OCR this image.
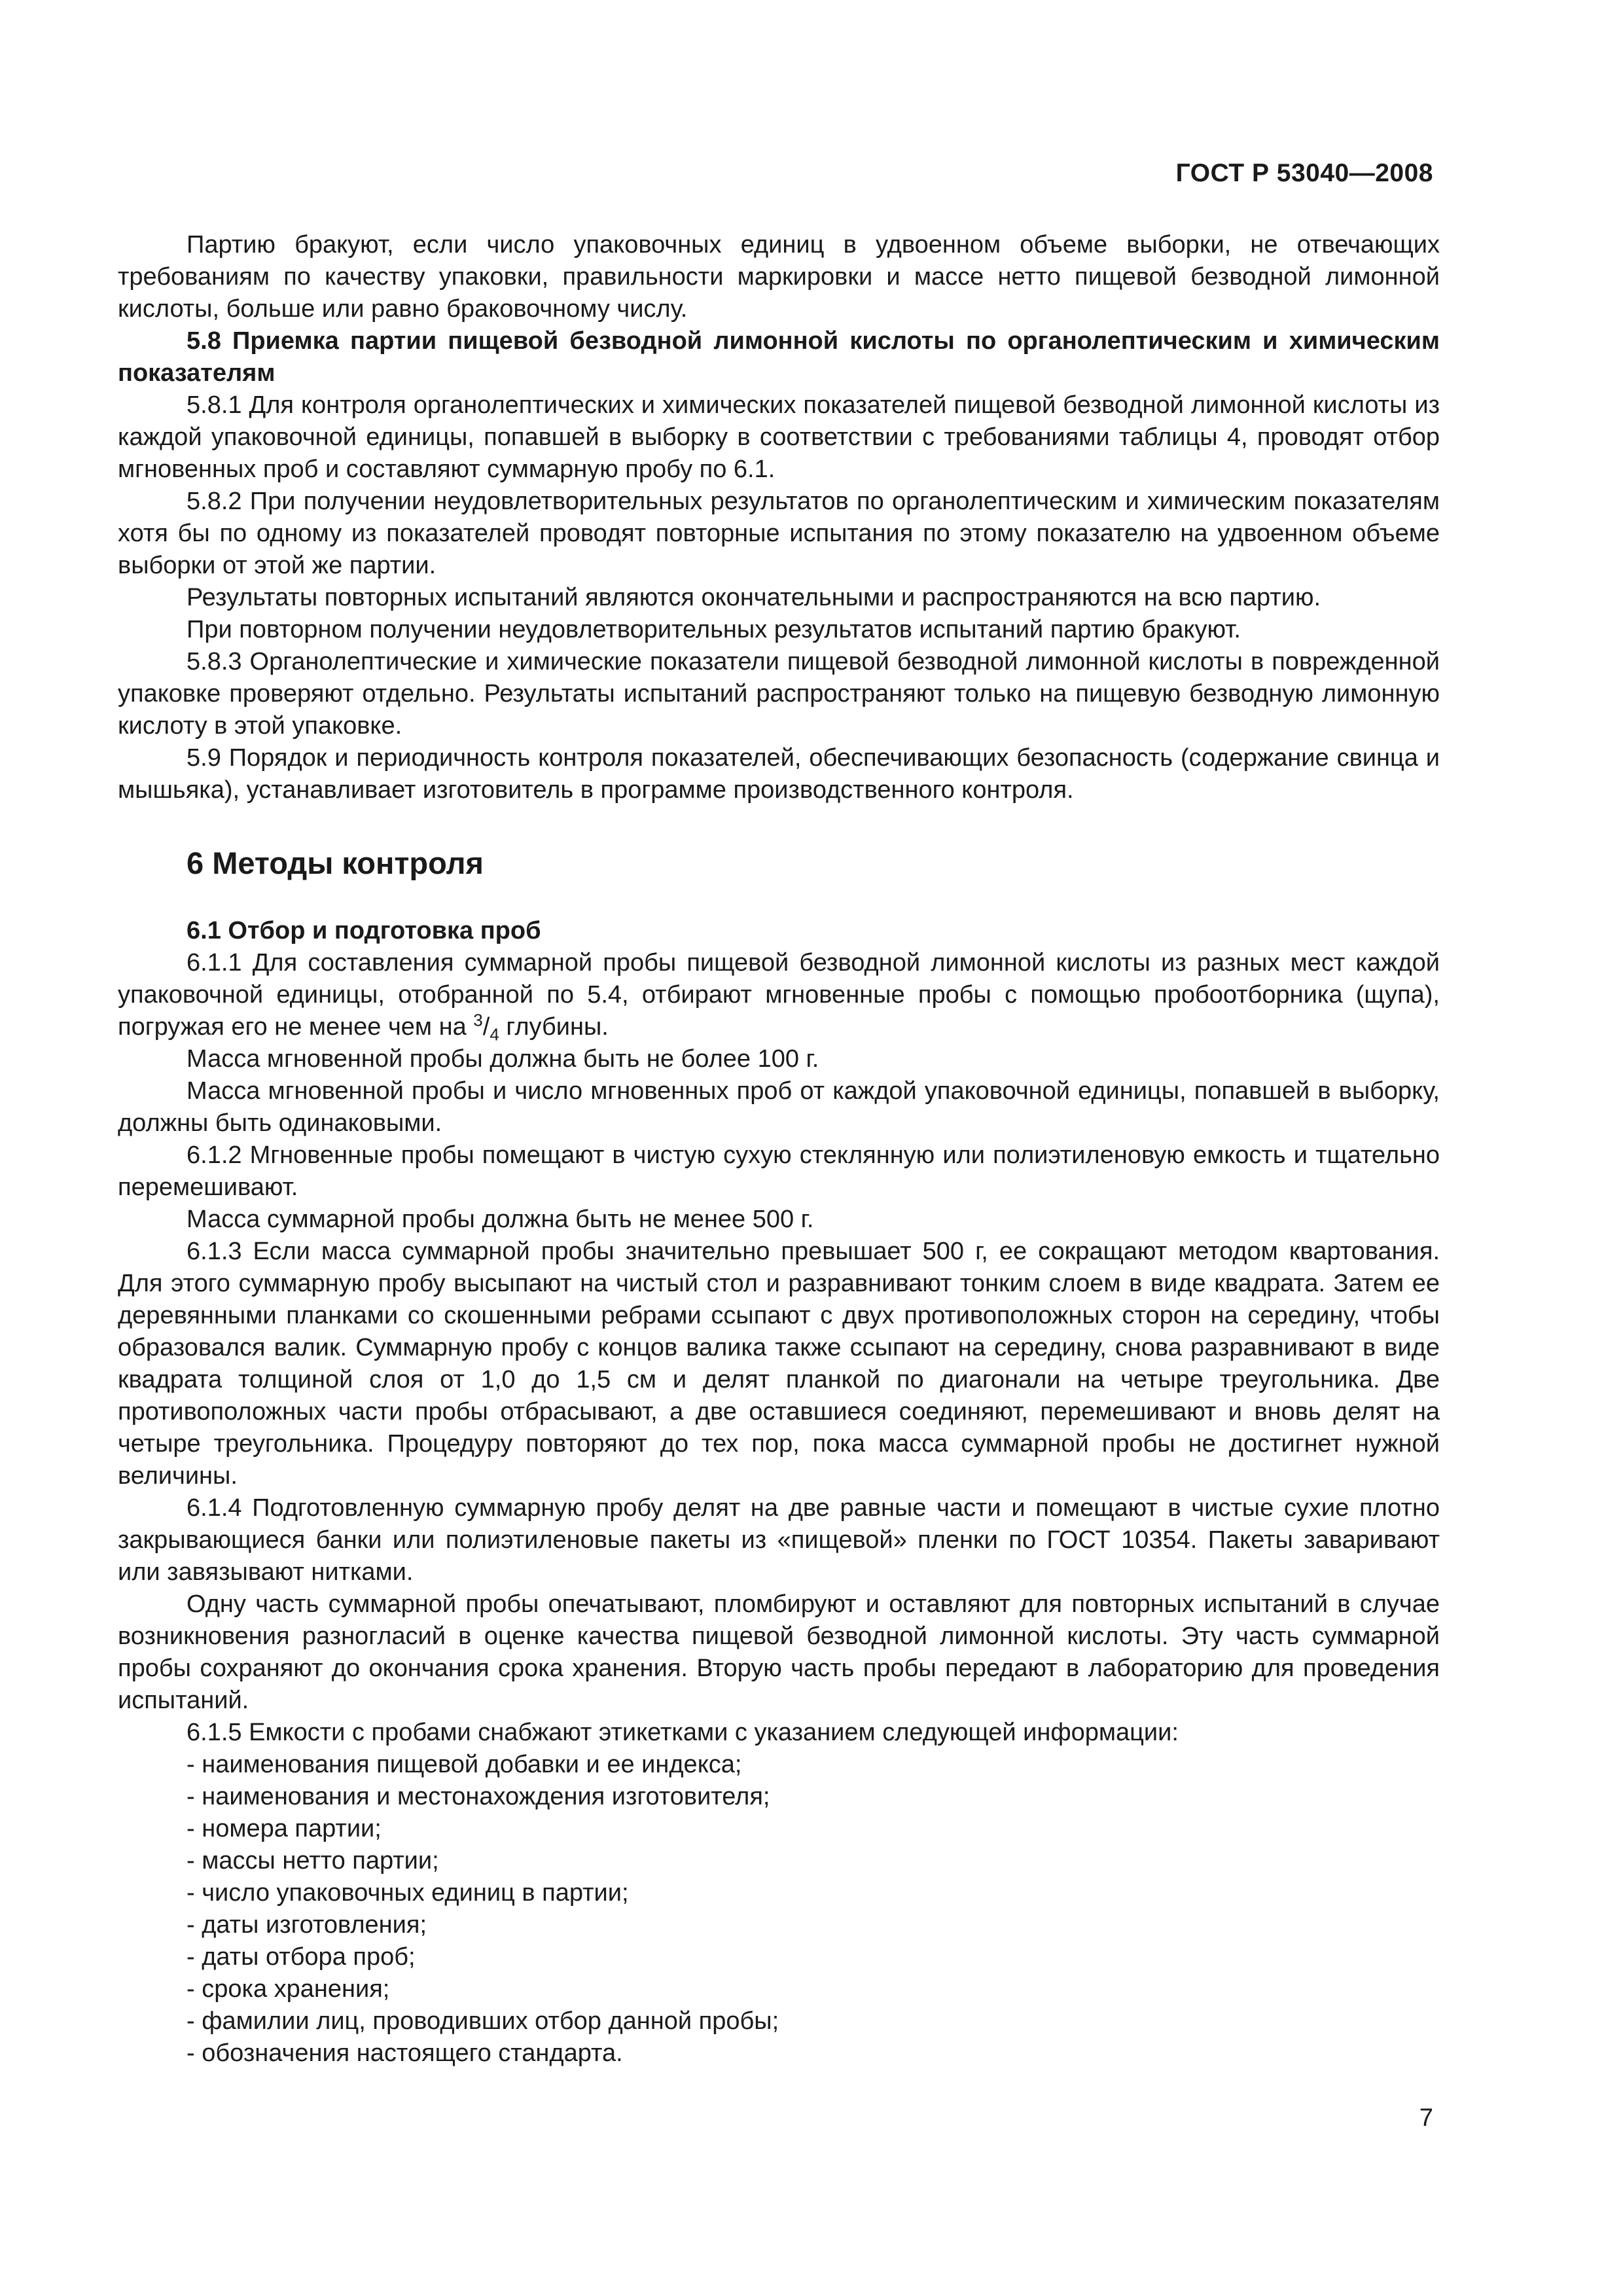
ГОСТ Р 53040—2008

Партию бракуют, если число упаковочных единиц в удвоенном объеме выборки, не отвечающих требованиям по качеству упаковки, правильности маркировки и массе нетто пищевой безводной лимонной кислоты, больше или равно браковочному числу.

5.8 Приемка партии пищевой безводной лимонной кислоты по органолептическим и химическим показателям

5.8.1 Для контроля органолептических и химических показателей пищевой безводной лимонной кислоты из каждой упаковочной единицы, попавшей в выборку в соответствии с требованиями таблицы 4, проводят отбор мгновенных проб и составляют суммарную пробу по 6.1.

5.8.2 При получении неудовлетворительных результатов по органолептическим и химическим показателям хотя бы по одному из показателей проводят повторные испытания по этому показателю на удвоенном объеме выборки от этой же партии.

Результаты повторных испытаний являются окончательными и распространяются на всю партию.

При повторном получении неудовлетворительных результатов испытаний партию бракуют.

5.8.3 Органолептические и химические показатели пищевой безводной лимонной кислоты в поврежденной упаковке проверяют отдельно. Результаты испытаний распространяют только на пищевую безводную лимонную кислоту в этой упаковке.

5.9 Порядок и периодичность контроля показателей, обеспечивающих безопасность (содержание свинца и мышьяка), устанавливает изготовитель в программе производственного контроля.

6 Методы контроля

6.1 Отбор и подготовка проб

6.1.1 Для составления суммарной пробы пищевой безводной лимонной кислоты из разных мест каждой упаковочной единицы, отобранной по 5.4, отбирают мгновенные пробы с помощью пробоотборника (щупа), погружая его не менее чем на $^3/_4$ глубины.

Масса мгновенной пробы должна быть не более 100 г.

Масса мгновенной пробы и число мгновенных проб от каждой упаковочной единицы, попавшей в выборку, должны быть одинаковыми.

6.1.2 Мгновенные пробы помещают в чистую сухую стеклянную или полиэтиленовую емкость и тщательно перемешивают.

Масса суммарной пробы должна быть не менее 500 г.

6.1.3 Если масса суммарной пробы значительно превышает 500 г, ее сокращают методом квартования. Для этого суммарную пробу высыпают на чистый стол и разравнивают тонким слоем в виде квадрата. Затем ее деревянными планками со скошенными ребрами ссыпают с двух противоположных сторон на середину, чтобы образовался валик. Суммарную пробу с концов валика также ссыпают на середину, снова разравнивают в виде квадрата толщиной слоя от 1,0 до 1,5 см и делят планкой по диагонали на четыре треугольника. Две противоположных части пробы отбрасывают, а две оставшиеся соединяют, перемешивают и вновь делят на четыре треугольника. Процедуру повторяют до тех пор, пока масса суммарной пробы не достигнет нужной величины.

6.1.4 Подготовленную суммарную пробу делят на две равные части и помещают в чистые сухие плотно закрывающиеся банки или полиэтиленовые пакеты из «пищевой» пленки по ГОСТ 10354. Пакеты заваривают или завязывают нитками.

Одну часть суммарной пробы опечатывают, пломбируют и оставляют для повторных испытаний в случае возникновения разногласий в оценке качества пищевой безводной лимонной кислоты. Эту часть суммарной пробы сохраняют до окончания срока хранения. Вторую часть пробы передают в лабораторию для проведения испытаний.

6.1.5 Емкости с пробами снабжают этикетками с указанием следующей информации:

- наименования пищевой добавки и ее индекса;
- наименования и местонахождения изготовителя;
- номера партии;
- массы нетто партии;
- число упаковочных единиц в партии;
- даты изготовления;
- даты отбора проб;
- срока хранения;
- фамилии лиц, проводивших отбор данной пробы;
- обозначения настоящего стандарта.
7
